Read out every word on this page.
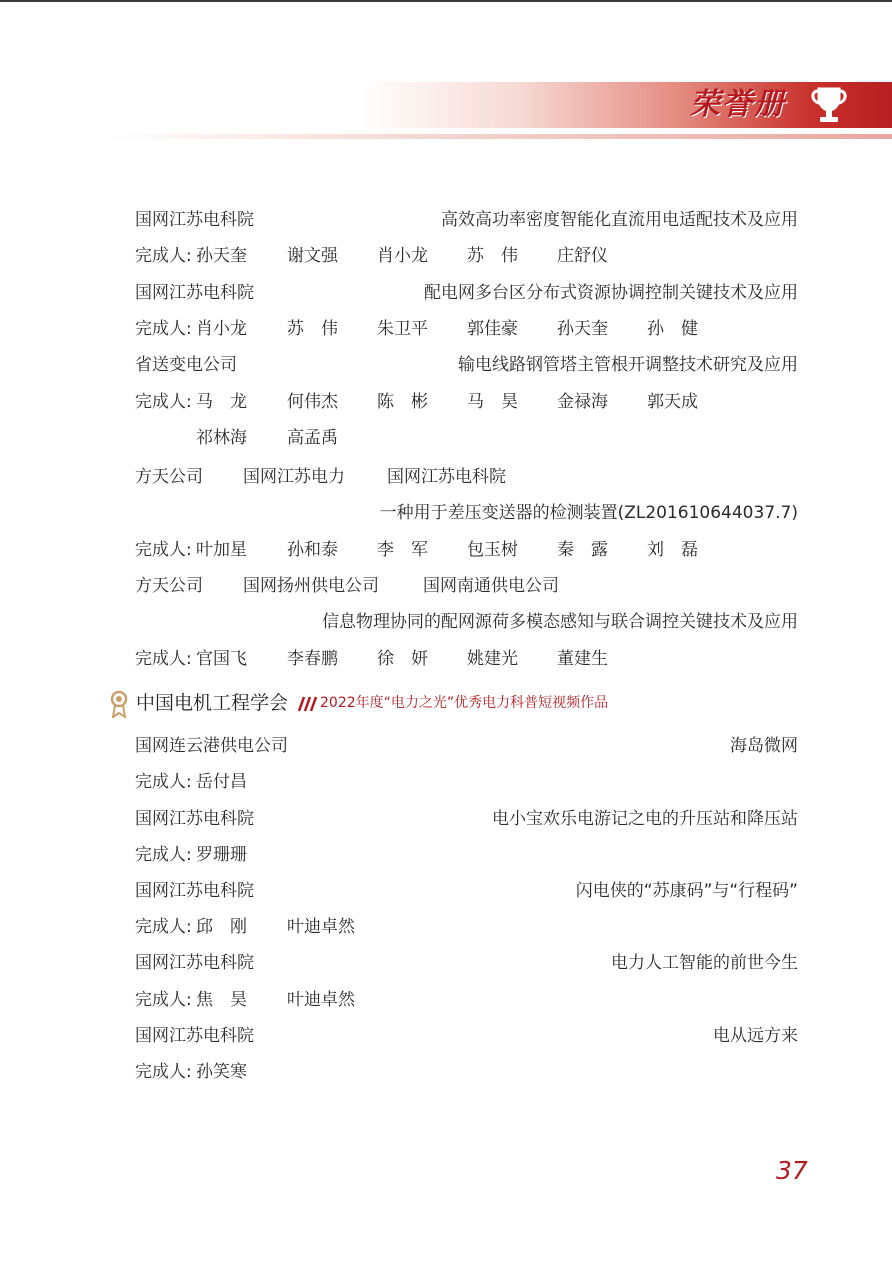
荣誉册
国网江苏电科院	高效高功率密度智能化直流用电适配技术及应用
完成人: 孙天奎 谢文强 肖小龙 苏　伟 庄舒仪
国网江苏电科院	配电网多台区分布式资源协调控制关键技术及应用
完成人: 肖小龙 苏　伟 朱卫平 郭佳豪 孙天奎 孙　健
省送变电公司	输电线路钢管塔主管根开调整技术研究及应用
完成人: 马　龙 何伟杰 陈　彬 马　昊 金禄海 郭天成
祁林海 高孟禹
方天公司 国网江苏电力 国网江苏电科院
一种用于差压变送器的检测装置(ZL201610644037.7)
完成人: 叶加星 孙和泰 李　军 包玉树 秦　露 刘　磊
方天公司 国网扬州供电公司	国网南通供电公司
信息物理协同的配网源荷多模态感知与联合调控关键技术及应用
完成人: 官国飞 李春鹏 徐　妍 姚建光 董建生
中国电机工程学会 2022年度“电力之光”优秀电力科普短视频作品
国网连云港供电公司	海岛微网
完成人: 岳付昌
国网江苏电科院	电小宝欢乐电游记之电的升压站和降压站
完成人: 罗珊珊
国网江苏电科院	闪电侠的“苏康码”与“行程码”
完成人: 邱　刚 叶迪卓然
国网江苏电科院	电力人工智能的前世今生
完成人: 焦　昊 叶迪卓然
国网江苏电科院	电从远方来
完成人: 孙笑寒
37
